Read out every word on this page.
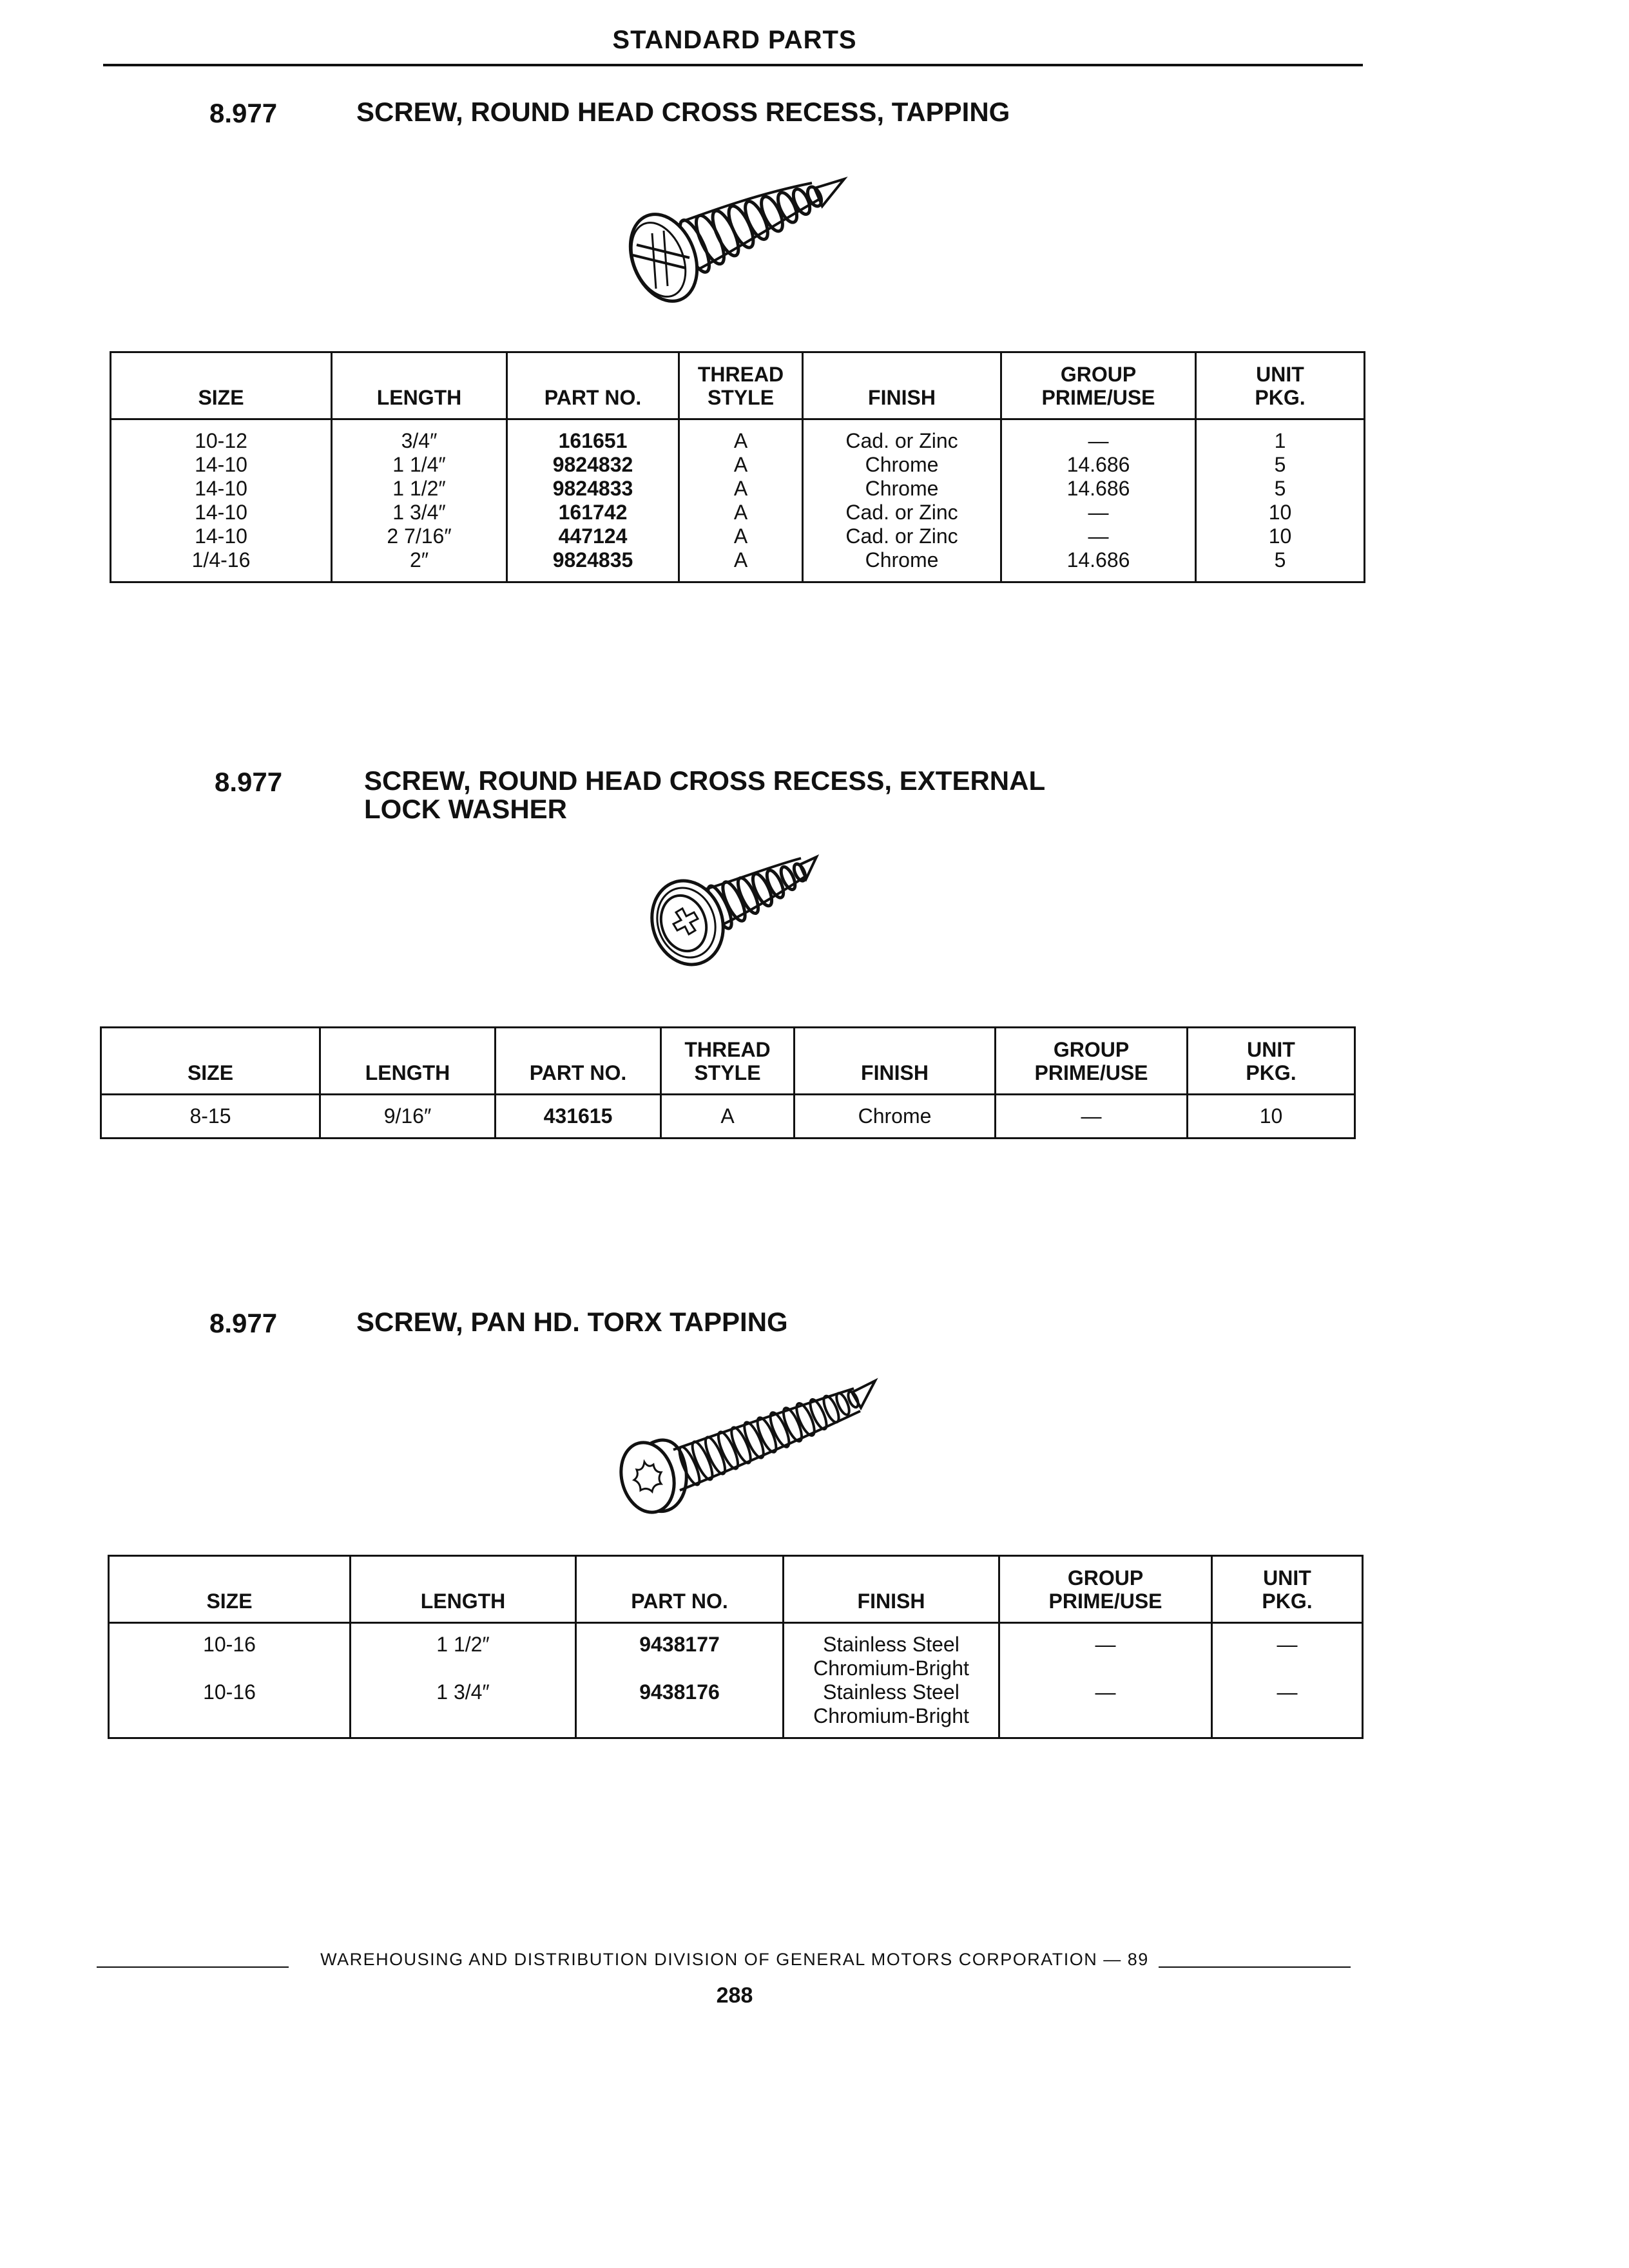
STANDARD PARTS
8.977	SCREW, ROUND HEAD CROSS RECESS, TAPPING
SIZE	LENGTH	PART NO.	THREAD STYLE	FINISH	GROUP PRIME/USE	UNIT PKG.
10-12	3/4″	161651	A	Cad. or Zinc	—	1
14-10	1 1/4″	9824832	A	Chrome	14.686	5
14-10	1 1/2″	9824833	A	Chrome	14.686	5
14-10	1 3/4″	161742	A	Cad. or Zinc	—	10
14-10	2 7/16″	447124	A	Cad. or Zinc	—	10
1/4-16	2″	9824835	A	Chrome	14.686	5
8.977	SCREW, ROUND HEAD CROSS RECESS, EXTERNAL
LOCK WASHER
SIZE	LENGTH	PART NO.	THREAD STYLE	FINISH	GROUP PRIME/USE	UNIT PKG.
8-15	9/16″	431615	A	Chrome	—	10
8.977	SCREW, PAN HD. TORX TAPPING
SIZE	LENGTH	PART NO.	FINISH	GROUP PRIME/USE	UNIT PKG.
10-16	1 1/2″	9438177	Stainless Steel Chromium-Bright	—	—
10-16	1 3/4″	9438176	Stainless Steel Chromium-Bright	—	—
WAREHOUSING AND DISTRIBUTION DIVISION OF GENERAL MOTORS CORPORATION — 89
288
